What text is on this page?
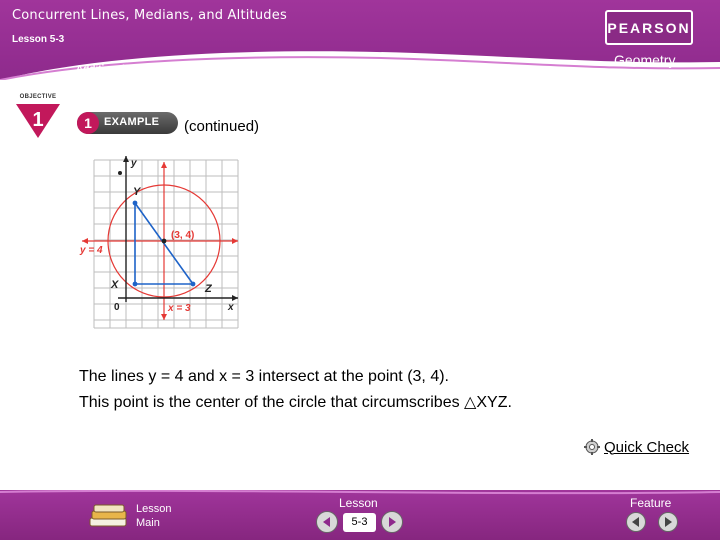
Concurrent Lines, Medians, and Altitudes
Lesson 5-3
PEARSON
Geometry
Additional Examples
OBJECTIVE
1	1	EXAMPLE (continued)
y
x
0
Y
X	Z
(3, 4)
y = 4
x = 3
The lines y = 4 and x = 3 intersect at the point (3, 4).
This point is the center of the circle that circumscribes △XYZ.
Quick Check
Lesson
Main
Lesson
5-3
Feature
